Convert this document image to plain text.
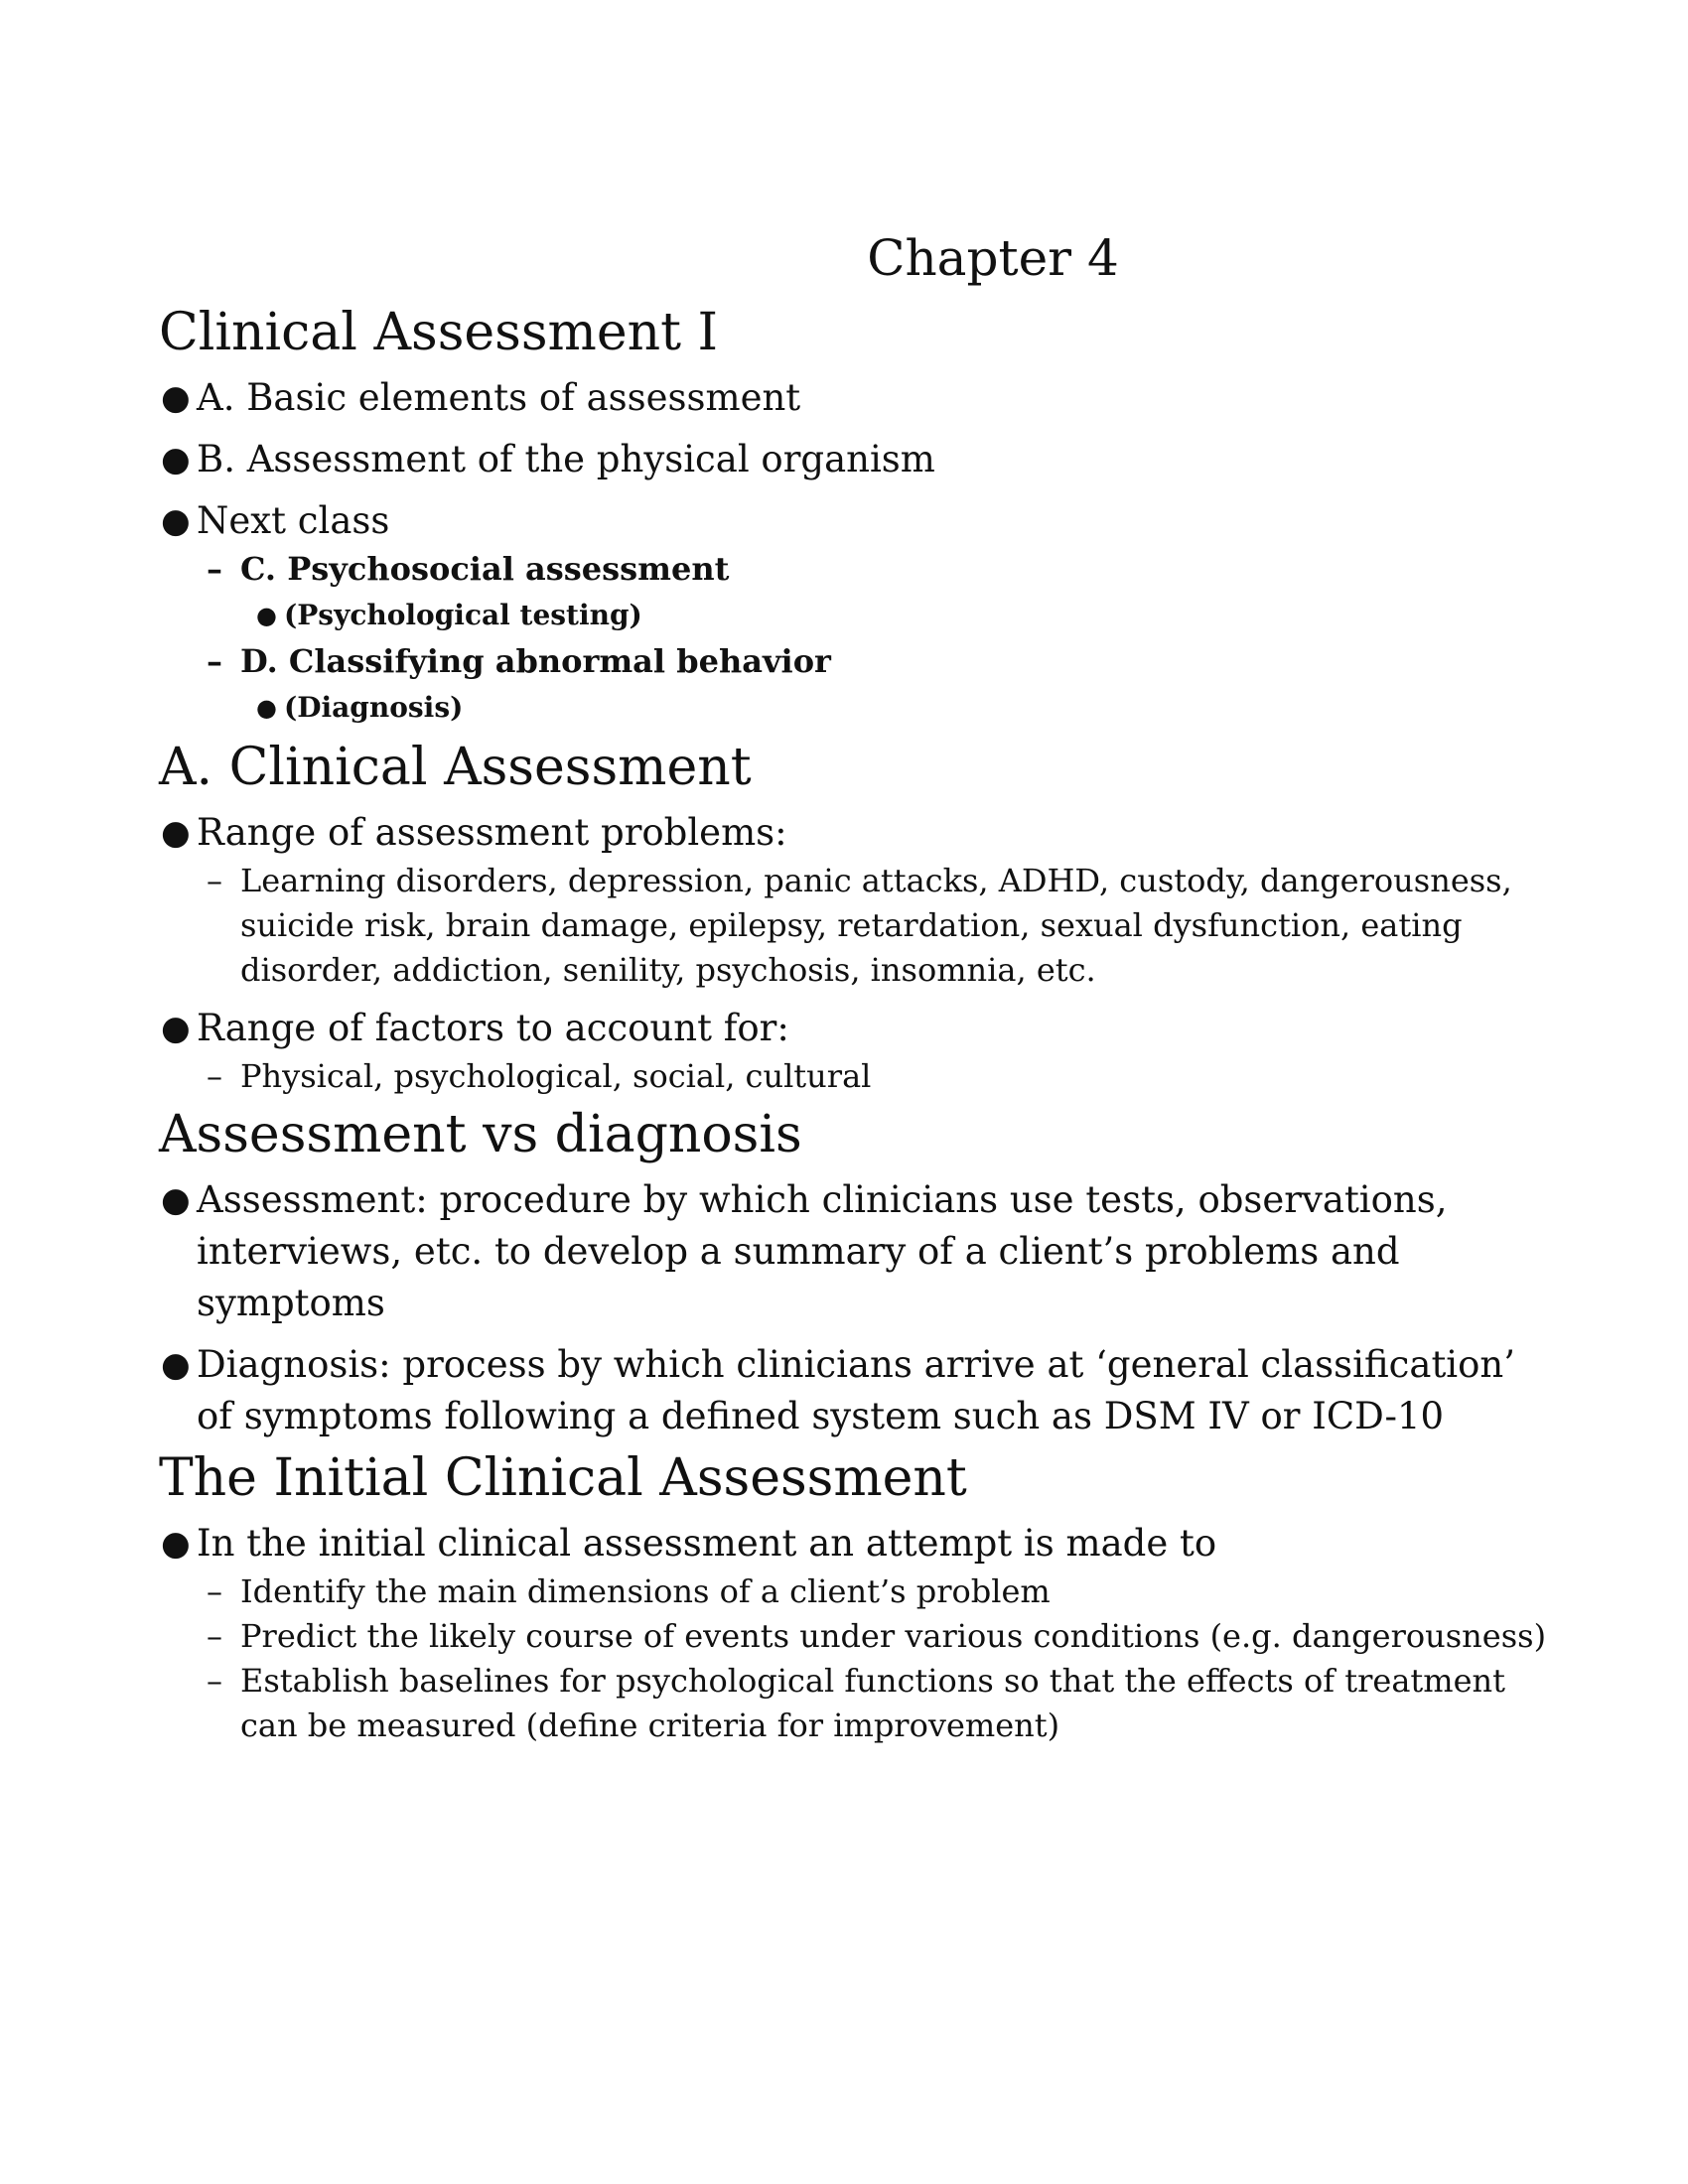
Chapter 4
Clinical Assessment I
● A. Basic elements of assessment
● B. Assessment of the physical organism
● Next class
– C. Psychosocial assessment
● (Psychological testing)
– D. Classifying abnormal behavior
● (Diagnosis)
A. Clinical Assessment
● Range of assessment problems:
– Learning disorders, depression, panic attacks, ADHD, custody, dangerousness, suicide risk, brain damage, epilepsy, retardation, sexual dysfunction, eating disorder, addiction, senility, psychosis, insomnia, etc.
● Range of factors to account for:
– Physical, psychological, social, cultural
Assessment vs diagnosis
● Assessment: procedure by which clinicians use tests, observations, interviews, etc. to develop a summary of a client’s problems and symptoms
● Diagnosis: process by which clinicians arrive at ‘general classification’ of symptoms following a defined system such as DSM IV or ICD-10
The Initial Clinical Assessment
● In the initial clinical assessment an attempt is made to
– Identify the main dimensions of a client’s problem
– Predict the likely course of events under various conditions (e.g. dangerousness)
– Establish baselines for psychological functions so that the effects of treatment can be measured (define criteria for improvement)
